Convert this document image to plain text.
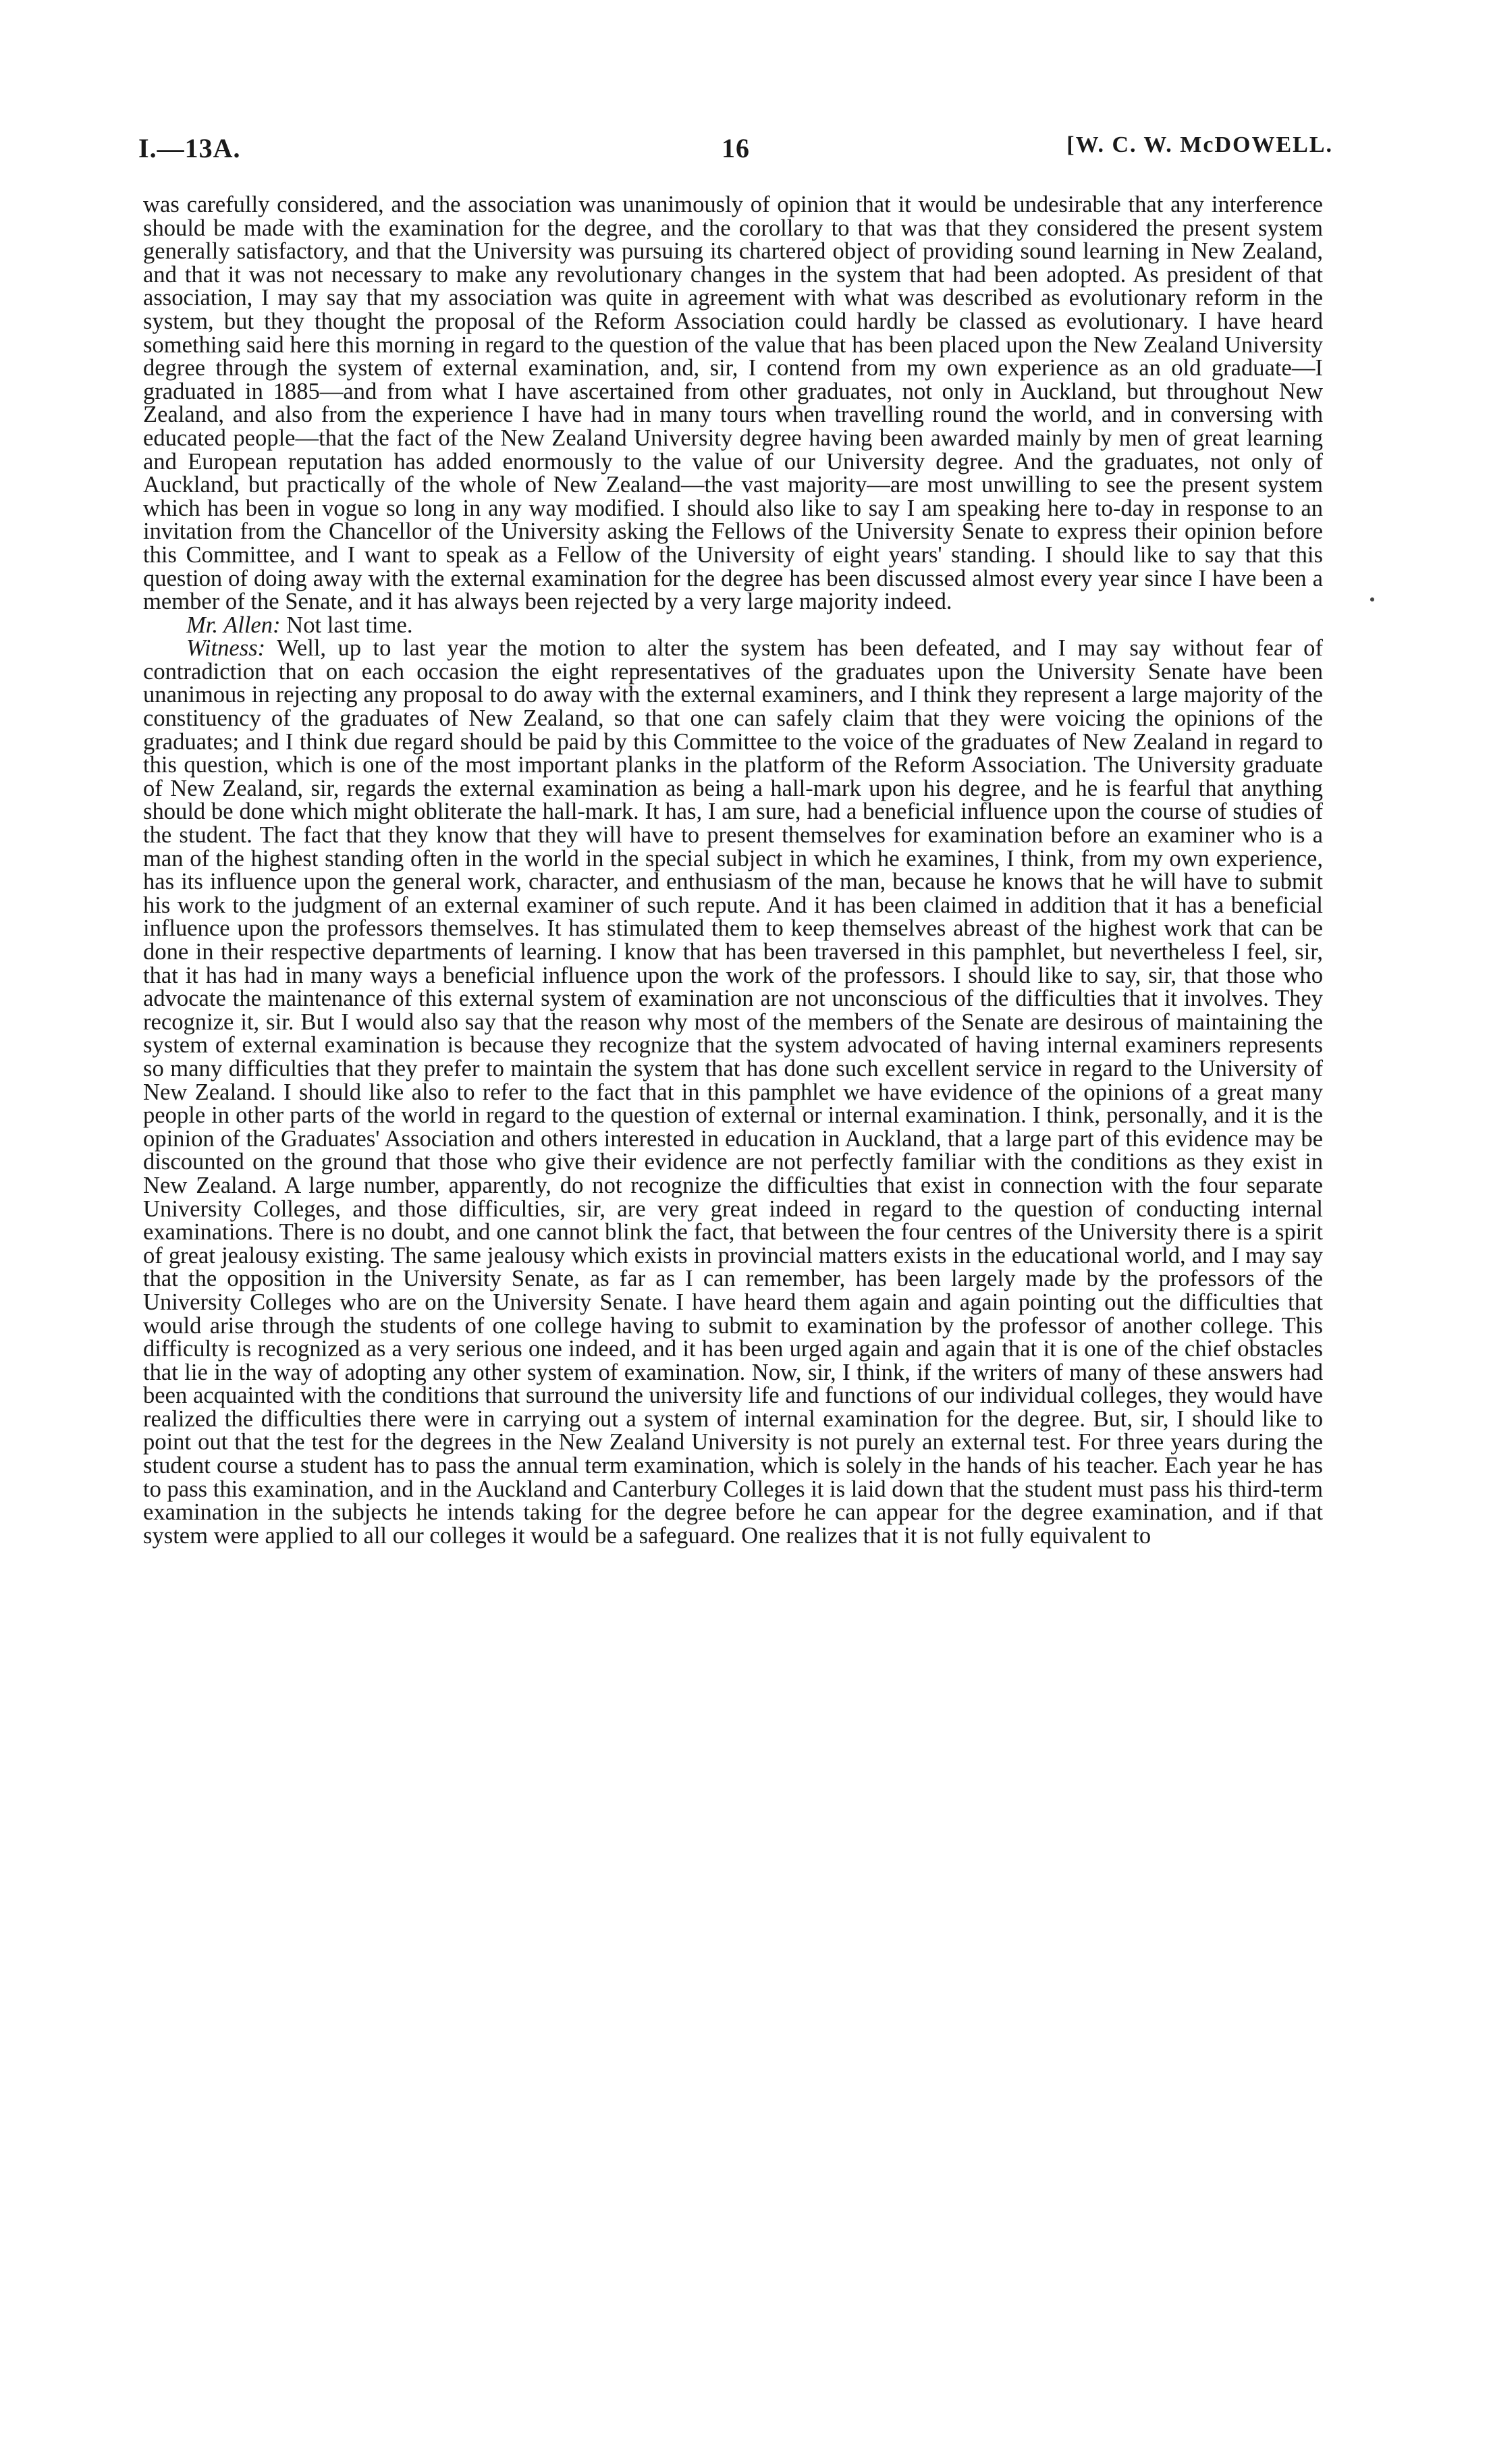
I.—13A.	16	[W. C. W. McDOWELL.

was carefully considered, and the association was unanimously of opinion that it would be undesirable that any interference should be made with the examination for the degree, and the corollary to that was that they considered the present system generally satisfactory, and that the University was pursuing its chartered object of providing sound learning in New Zealand, and that it was not necessary to make any revolutionary changes in the system that had been adopted. As president of that association, I may say that my association was quite in agreement with what was described as evolutionary reform in the system, but they thought the proposal of the Reform Association could hardly be classed as evolutionary. I have heard something said here this morning in regard to the question of the value that has been placed upon the New Zealand University degree through the system of external examination, and, sir, I contend from my own experience as an old graduate—I graduated in 1885—and from what I have ascertained from other graduates, not only in Auckland, but throughout New Zealand, and also from the experience I have had in many tours when travelling round the world, and in conversing with educated people—that the fact of the New Zealand University degree having been awarded mainly by men of great learning and European reputation has added enormously to the value of our University degree. And the graduates, not only of Auckland, but practically of the whole of New Zealand—the vast majority—are most unwilling to see the present system which has been in vogue so long in any way modified. I should also like to say I am speaking here to-day in response to an invitation from the Chancellor of the University asking the Fellows of the University Senate to express their opinion before this Committee, and I want to speak as a Fellow of the University of eight years' standing. I should like to say that this question of doing away with the external examination for the degree has been discussed almost every year since I have been a member of the Senate, and it has always been rejected by a very large majority indeed.

Mr. Allen: Not last time.

Witness: Well, up to last year the motion to alter the system has been defeated, and I may say without fear of contradiction that on each occasion the eight representatives of the graduates upon the University Senate have been unanimous in rejecting any proposal to do away with the external examiners, and I think they represent a large majority of the constituency of the graduates of New Zealand, so that one can safely claim that they were voicing the opinions of the graduates; and I think due regard should be paid by this Committee to the voice of the graduates of New Zealand in regard to this question, which is one of the most important planks in the platform of the Reform Association. The University graduate of New Zealand, sir, regards the external examination as being a hall-mark upon his degree, and he is fearful that anything should be done which might obliterate the hall-mark. It has, I am sure, had a beneficial influence upon the course of studies of the student. The fact that they know that they will have to present themselves for examination before an examiner who is a man of the highest standing often in the world in the special subject in which he examines, I think, from my own experience, has its influence upon the general work, character, and enthusiasm of the man, because he knows that he will have to submit his work to the judgment of an external examiner of such repute. And it has been claimed in addition that it has a beneficial influence upon the professors themselves. It has stimulated them to keep themselves abreast of the highest work that can be done in their respective departments of learning. I know that has been traversed in this pamphlet, but nevertheless I feel, sir, that it has had in many ways a beneficial influence upon the work of the professors. I should like to say, sir, that those who advocate the maintenance of this external system of examination are not unconscious of the difficulties that it involves. They recognize it, sir. But I would also say that the reason why most of the members of the Senate are desirous of maintaining the system of external examination is because they recognize that the system advocated of having internal examiners represents so many difficulties that they prefer to maintain the system that has done such excellent service in regard to the University of New Zealand. I should like also to refer to the fact that in this pamphlet we have evidence of the opinions of a great many people in other parts of the world in regard to the question of external or internal examination. I think, personally, and it is the opinion of the Graduates' Association and others interested in education in Auckland, that a large part of this evidence may be discounted on the ground that those who give their evidence are not perfectly familiar with the conditions as they exist in New Zealand. A large number, apparently, do not recognize the difficulties that exist in connection with the four separate University Colleges, and those difficulties, sir, are very great indeed in regard to the question of conducting internal examinations. There is no doubt, and one cannot blink the fact, that between the four centres of the University there is a spirit of great jealousy existing. The same jealousy which exists in provincial matters exists in the educational world, and I may say that the opposition in the University Senate, as far as I can remember, has been largely made by the professors of the University Colleges who are on the University Senate. I have heard them again and again pointing out the difficulties that would arise through the students of one college having to submit to examination by the professor of another college. This difficulty is recognized as a very serious one indeed, and it has been urged again and again that it is one of the chief obstacles that lie in the way of adopting any other system of examination. Now, sir, I think, if the writers of many of these answers had been acquainted with the conditions that surround the university life and functions of our individual colleges, they would have realized the difficulties there were in carrying out a system of internal examination for the degree. But, sir, I should like to point out that the test for the degrees in the New Zealand University is not purely an external test. For three years during the student course a student has to pass the annual term examination, which is solely in the hands of his teacher. Each year he has to pass this examination, and in the Auckland and Canterbury Colleges it is laid down that the student must pass his third-term examination in the subjects he intends taking for the degree before he can appear for the degree examination, and if that system were applied to all our colleges it would be a safeguard. One realizes that it is not fully equivalent to
